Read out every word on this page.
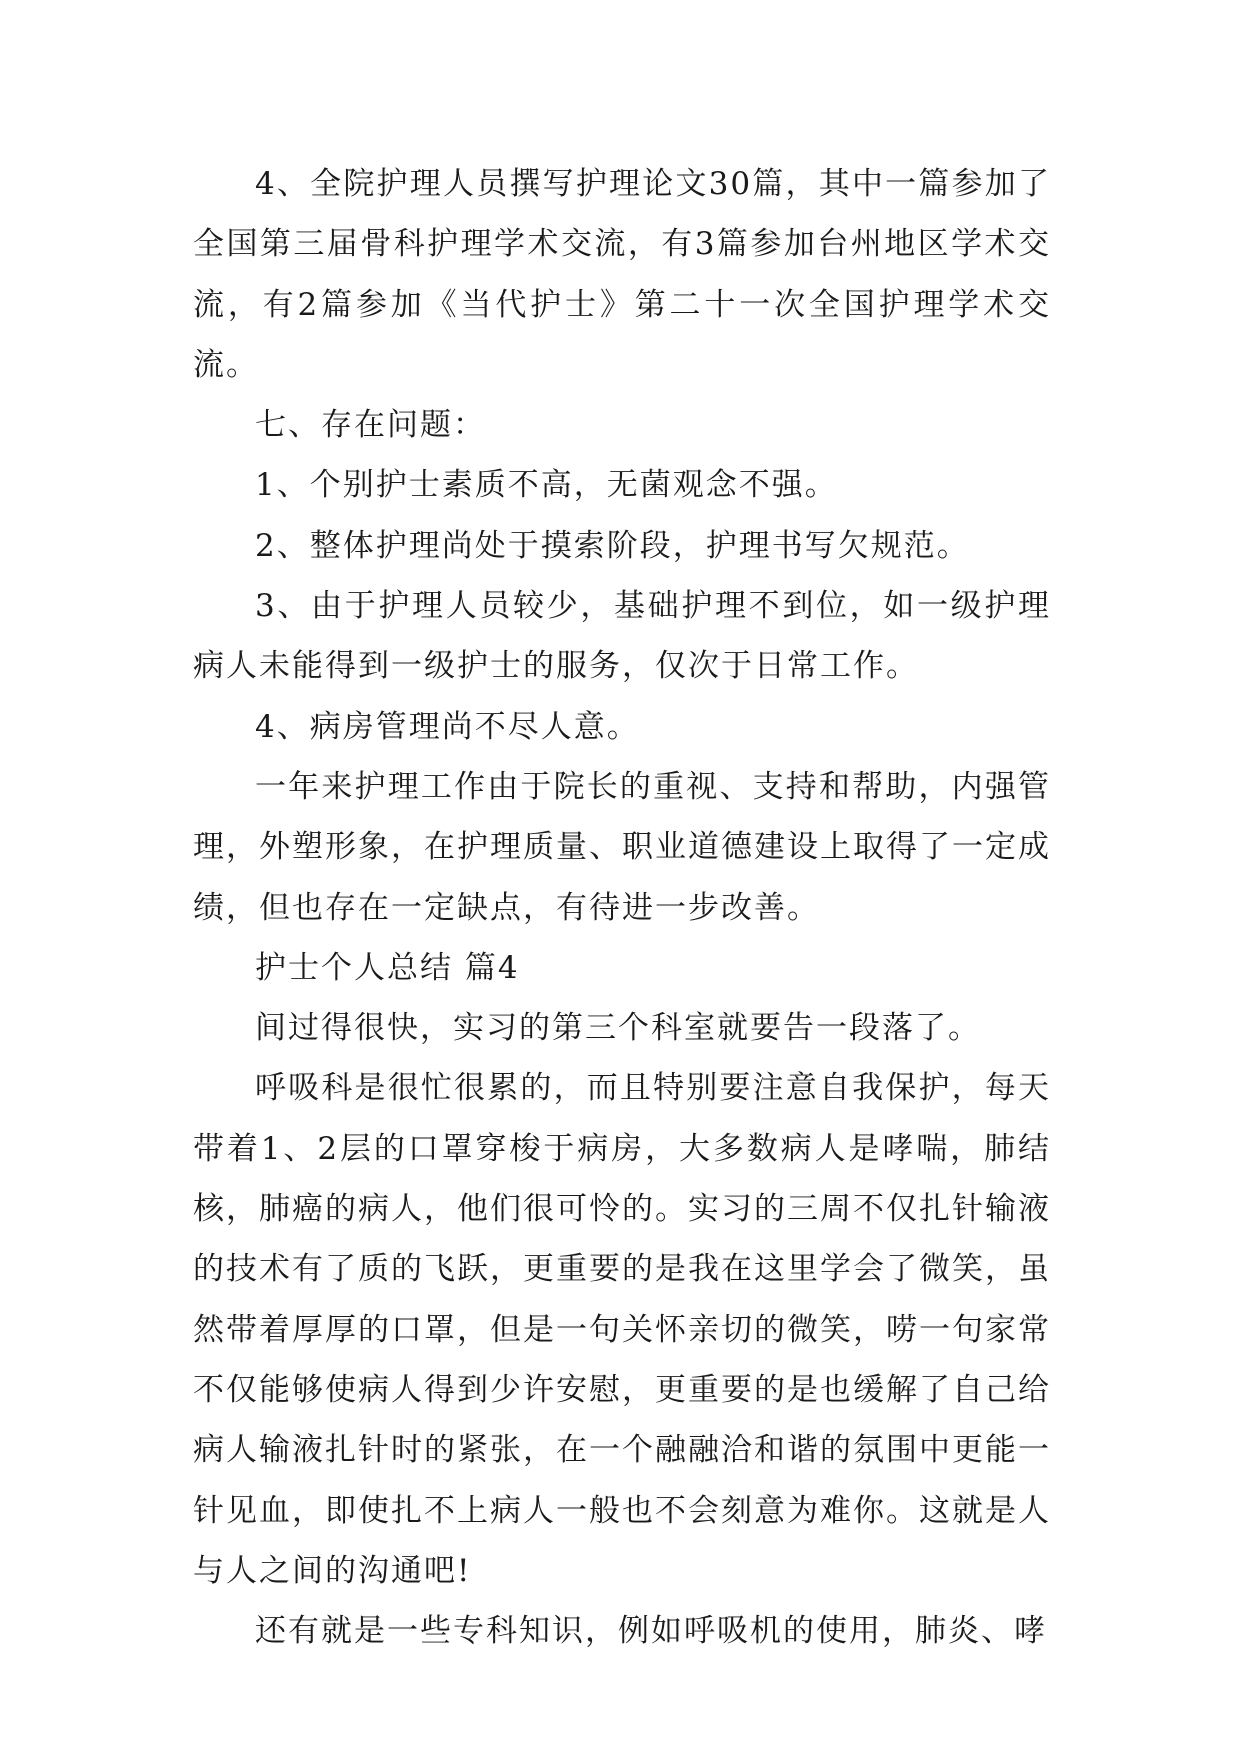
4、全院护理人员撰写护理论文30篇，其中一篇参加了全国第三届骨科护理学术交流，有3篇参加台州地区学术交流，有2篇参加《当代护士》第二十一次全国护理学术交流。

七、存在问题：

1、个别护士素质不高，无菌观念不强。

2、整体护理尚处于摸索阶段，护理书写欠规范。

3、由于护理人员较少，基础护理不到位，如一级护理病人未能得到一级护士的服务，仅次于日常工作。

4、病房管理尚不尽人意。

一年来护理工作由于院长的重视、支持和帮助，内强管理，外塑形象，在护理质量、职业道德建设上取得了一定成绩，但也存在一定缺点，有待进一步改善。

护士个人总结 篇4

间过得很快，实习的第三个科室就要告一段落了。

呼吸科是很忙很累的，而且特别要注意自我保护，每天带着1、2层的口罩穿梭于病房，大多数病人是哮喘，肺结核，肺癌的病人，他们很可怜的。实习的三周不仅扎针输液的技术有了质的飞跃，更重要的是我在这里学会了微笑，虽然带着厚厚的口罩，但是一句关怀亲切的微笑，唠一句家常不仅能够使病人得到少许安慰，更重要的是也缓解了自己给病人输液扎针时的紧张，在一个融融洽和谐的氛围中更能一针见血，即使扎不上病人一般也不会刻意为难你。这就是人与人之间的沟通吧!

还有就是一些专科知识，例如呼吸机的使用，肺炎、哮
